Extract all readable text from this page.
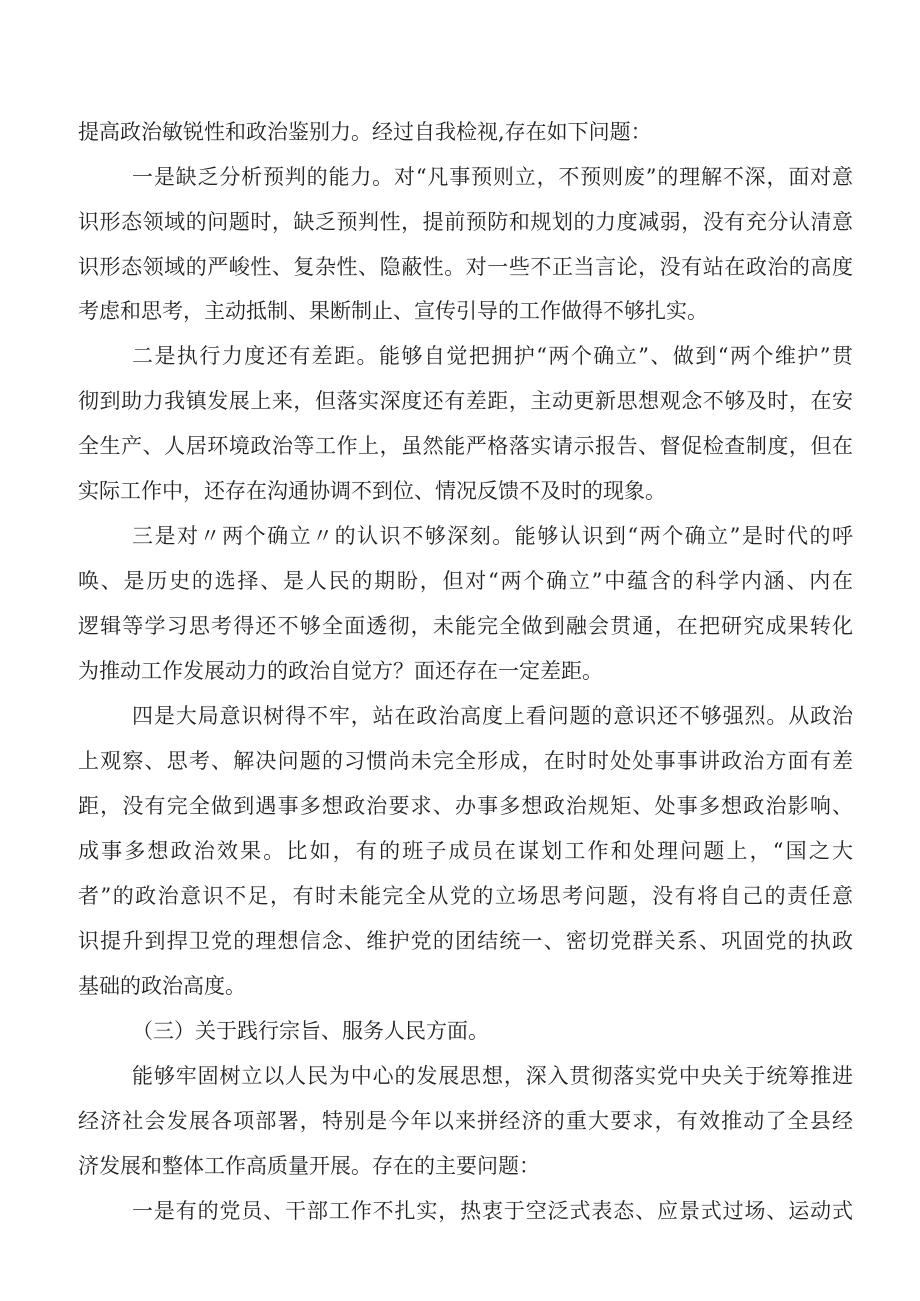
提高政治敏锐性和政治鉴别力。经过自我检视,存在如下问题：
一是缺乏分析预判的能力。对“凡事预则立，不预则废”的理解不深，面对意
识形态领域的问题时，缺乏预判性，提前预防和规划的力度减弱，没有充分认清意
识形态领域的严峻性、复杂性、隐蔽性。对一些不正当言论，没有站在政治的高度
考虑和思考，主动抵制、果断制止、宣传引导的工作做得不够扎实。
二是执行力度还有差距。能够自觉把拥护“两个确立”、做到“两个维护”贯
彻到助力我镇发展上来，但落实深度还有差距，主动更新思想观念不够及时，在安
全生产、人居环境政治等工作上，虽然能严格落实请示报告、督促检查制度，但在
实际工作中，还存在沟通协调不到位、情况反馈不及时的现象。
三是对〃两个确立〃的认识不够深刻。能够认识到“两个确立”是时代的呼
唤、是历史的选择、是人民的期盼，但对“两个确立”中蕴含的科学内涵、内在
逻辑等学习思考得还不够全面透彻，未能完全做到融会贯通，在把研究成果转化
为推动工作发展动力的政治自觉方？面还存在一定差距。
四是大局意识树得不牢，站在政治高度上看问题的意识还不够强烈。从政治
上观察、思考、解决问题的习惯尚未完全形成，在时时处处事事讲政治方面有差
距，没有完全做到遇事多想政治要求、办事多想政治规矩、处事多想政治影响、
成事多想政治效果。比如，有的班子成员在谋划工作和处理问题上，“国之大
者”的政治意识不足，有时未能完全从党的立场思考问题，没有将自己的责任意
识提升到捍卫党的理想信念、维护党的团结统一、密切党群关系、巩固党的执政
基础的政治高度。
（三）关于践行宗旨、服务人民方面。
能够牢固树立以人民为中心的发展思想，深入贯彻落实党中央关于统筹推进
经济社会发展各项部署，特别是今年以来拼经济的重大要求，有效推动了全县经
济发展和整体工作高质量开展。存在的主要问题：
一是有的党员、干部工作不扎实，热衷于空泛式表态、应景式过场、运动式
